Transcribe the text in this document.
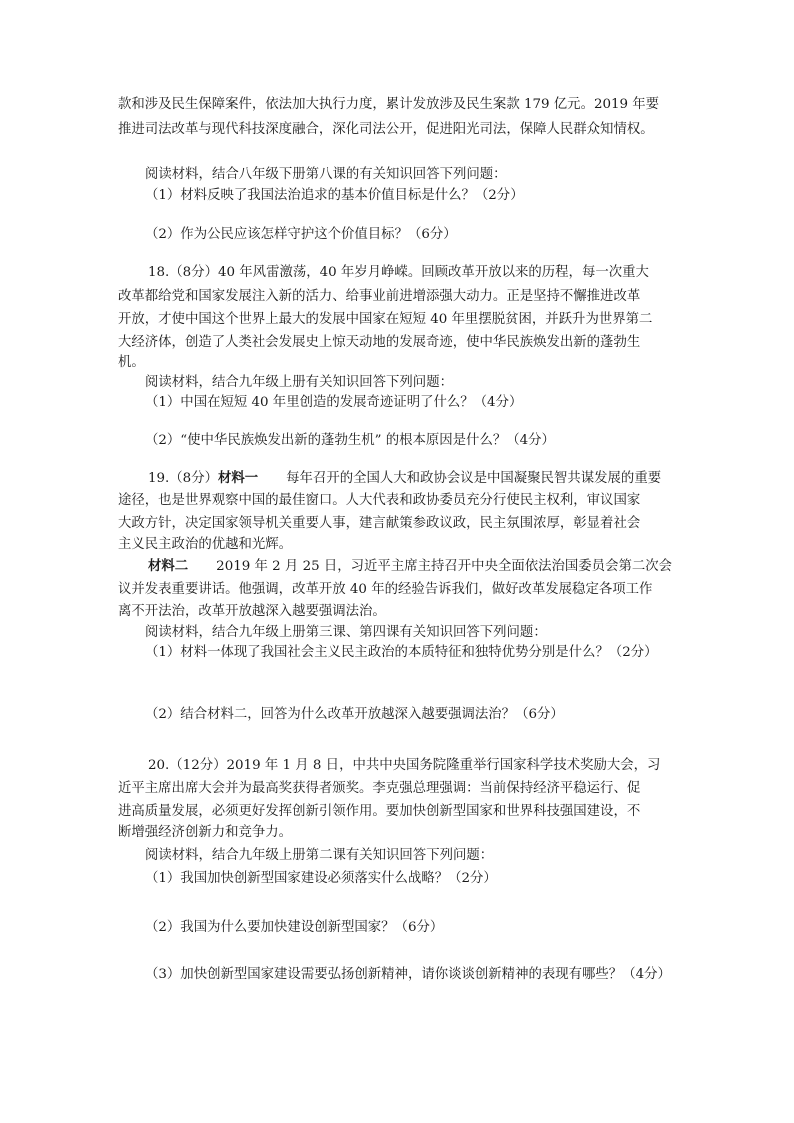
款和涉及民生保障案件，依法加大执行力度，累计发放涉及民生案款 179 亿元。2019 年要
推进司法改革与现代科技深度融合，深化司法公开，促进阳光司法，保障人民群众知情权。
阅读材料，结合八年级下册第八课的有关知识回答下列问题：
（1）材料反映了我国法治追求的基本价值目标是什么？（2分）
（2）作为公民应该怎样守护这个价值目标？（6分）
18.（8分）40 年风雷激荡，40 年岁月峥嵘。回顾改革开放以来的历程，每一次重大
改革都给党和国家发展注入新的活力、给事业前进增添强大动力。正是坚持不懈推进改革
开放，才使中国这个世界上最大的发展中国家在短短 40 年里摆脱贫困，并跃升为世界第二
大经济体，创造了人类社会发展史上惊天动地的发展奇迹，使中华民族焕发出新的蓬勃生
机。
阅读材料，结合九年级上册有关知识回答下列问题：
（1）中国在短短 40 年里创造的发展奇迹证明了什么？（4分）
（2）“使中华民族焕发出新的蓬勃生机” 的根本原因是什么？（4分）
19.（8分）材料一 每年召开的全国人大和政协会议是中国凝聚民智共谋发展的重要
途径，也是世界观察中国的最佳窗口。人大代表和政协委员充分行使民主权利，审议国家
大政方针，决定国家领导机关重要人事，建言献策参政议政，民主氛围浓厚，彰显着社会
主义民主政治的优越和光辉。
材料二 2019 年 2 月 25 日，习近平主席主持召开中央全面依法治国委员会第二次会
议并发表重要讲话。他强调，改革开放 40 年的经验告诉我们，做好改革发展稳定各项工作
离不开法治，改革开放越深入越要强调法治。
阅读材料，结合九年级上册第三课、第四课有关知识回答下列问题：
（1）材料一体现了我国社会主义民主政治的本质特征和独特优势分别是什么？（2分）
（2）结合材料二，回答为什么改革开放越深入越要强调法治？（6分）
20.（12分）2019 年 1 月 8 日，中共中央国务院隆重举行国家科学技术奖励大会，习
近平主席出席大会并为最高奖获得者颁奖。李克强总理强调：当前保持经济平稳运行、促
进高质量发展，必须更好发挥创新引领作用。要加快创新型国家和世界科技强国建设，不
断增强经济创新力和竞争力。
阅读材料，结合九年级上册第二课有关知识回答下列问题：
（1）我国加快创新型国家建设必须落实什么战略？（2分）
（2）我国为什么要加快建设创新型国家？（6分）
（3）加快创新型国家建设需要弘扬创新精神，请你谈谈创新精神的表现有哪些？（4分）
